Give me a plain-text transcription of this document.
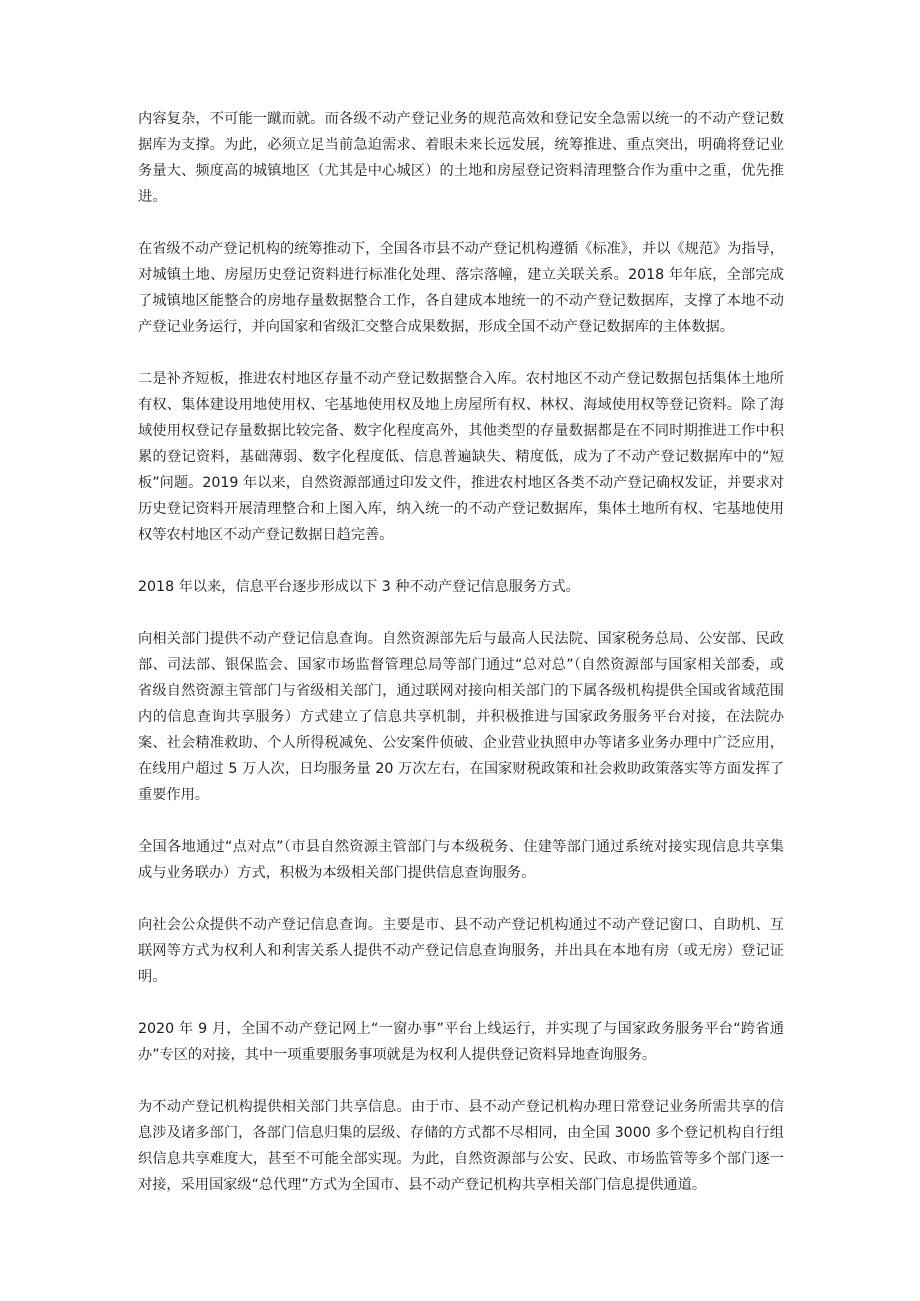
内容复杂，不可能一蹴而就。而各级不动产登记业务的规范高效和登记安全急需以统一的不动产登记数据库为支撑。为此，必须立足当前急迫需求、着眼未来长远发展，统筹推进、重点突出，明确将登记业务量大、频度高的城镇地区（尤其是中心城区）的土地和房屋登记资料清理整合作为重中之重，优先推进。

在省级不动产登记机构的统筹推动下，全国各市县不动产登记机构遵循《标准》，并以《规范》为指导，对城镇土地、房屋历史登记资料进行标准化处理、落宗落幢，建立关联关系。2018 年年底，全部完成了城镇地区能整合的房地存量数据整合工作，各自建成本地统一的不动产登记数据库，支撑了本地不动产登记业务运行，并向国家和省级汇交整合成果数据，形成全国不动产登记数据库的主体数据。

二是补齐短板，推进农村地区存量不动产登记数据整合入库。农村地区不动产登记数据包括集体土地所有权、集体建设用地使用权、宅基地使用权及地上房屋所有权、林权、海域使用权等登记资料。除了海域使用权登记存量数据比较完备、数字化程度高外，其他类型的存量数据都是在不同时期推进工作中积累的登记资料，基础薄弱、数字化程度低、信息普遍缺失、精度低，成为了不动产登记数据库中的“短板”问题。2019 年以来，自然资源部通过印发文件，推进农村地区各类不动产登记确权发证，并要求对历史登记资料开展清理整合和上图入库，纳入统一的不动产登记数据库，集体土地所有权、宅基地使用权等农村地区不动产登记数据日趋完善。

2018 年以来，信息平台逐步形成以下 3 种不动产登记信息服务方式。

向相关部门提供不动产登记信息查询。自然资源部先后与最高人民法院、国家税务总局、公安部、民政部、司法部、银保监会、国家市场监督管理总局等部门通过“总对总”（自然资源部与国家相关部委，或省级自然资源主管部门与省级相关部门，通过联网对接向相关部门的下属各级机构提供全国或省域范围内的信息查询共享服务）方式建立了信息共享机制，并积极推进与国家政务服务平台对接，在法院办案、社会精准救助、个人所得税减免、公安案件侦破、企业营业执照申办等诸多业务办理中广泛应用，在线用户超过 5 万人次，日均服务量 20 万次左右，在国家财税政策和社会救助政策落实等方面发挥了重要作用。

全国各地通过“点对点”（市县自然资源主管部门与本级税务、住建等部门通过系统对接实现信息共享集成与业务联办）方式，积极为本级相关部门提供信息查询服务。

向社会公众提供不动产登记信息查询。主要是市、县不动产登记机构通过不动产登记窗口、自助机、互联网等方式为权利人和利害关系人提供不动产登记信息查询服务，并出具在本地有房（或无房）登记证明。

2020 年 9 月，全国不动产登记网上“一窗办事”平台上线运行，并实现了与国家政务服务平台“跨省通办”专区的对接，其中一项重要服务事项就是为权利人提供登记资料异地查询服务。

为不动产登记机构提供相关部门共享信息。由于市、县不动产登记机构办理日常登记业务所需共享的信息涉及诸多部门，各部门信息归集的层级、存储的方式都不尽相同，由全国 3000 多个登记机构自行组织信息共享难度大，甚至不可能全部实现。为此，自然资源部与公安、民政、市场监管等多个部门逐一对接，采用国家级“总代理”方式为全国市、县不动产登记机构共享相关部门信息提供通道。
